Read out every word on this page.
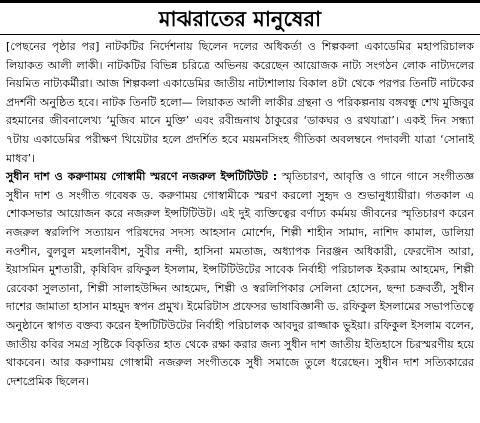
মাঝরাতের মানুষেরা

[পেছনের পৃষ্ঠার পর] নাটকটির নির্দেশনায় ছিলেন দলের অধিকর্তা ও শিল্পকলা একাডেমির মহাপরিচালক লিয়াকত আলী লাকী। নাটকটির বিভিন্ন চরিত্রে অভিনয় করেছেন আয়োজক নাট্য সংগঠন লোক নাট্যদলের নিয়মিত নাট্যকর্মীরা। আজ শিল্পকলা একাডেমির জাতীয় নাট্যশালায় বিকাল ৪টা থেকে পরপর তিনটি নাটকের প্রদর্শনী অনুষ্ঠিত হবে। নাটক তিনটি হলো— লিয়াকত আলী লাকীর গ্রন্থনা ও পরিকল্পনায় বঙ্গবন্ধু শেখ মুজিবুর রহমানের জীবনালেখ্য ‘মুজিব মানে মুক্তি’ এবং রবীন্দ্রনাথ ঠাকুরের ‘ডাকঘর ও রথযাত্রা’। একই দিন সন্ধ্যা ৭টায় একাডেমির পরীক্ষণ থিয়েটার হলে প্রদর্শিত হবে ময়মনসিংহ গীতিকা অবলম্বনে পদাবলী যাত্রা ‘সোনাই মাধব’।

সুধীন দাশ ও করুণাময় গোস্বামী স্মরণে নজরুল ইন্সটিটিউট : স্মৃতিচারণ, আবৃত্তি ও গানে গানে সংগীতজ্ঞ সুধীন দাশ ও সংগীত গবেষক ড. করুণাময় গোস্বামীকে স্মরণ করলো সুহৃদ ও শুভানুধ্যায়ীরা। গতকাল এ শোকসভার আয়োজন করে নজরুল ইন্সটিটিউট। এই দুই ব্যক্তিত্বের বর্ণাঢ্য কর্মময় জীবনের স্মৃতিচারণ করেন নজরুল স্বরলিপি সত্যায়ন পরিষদের সদস্য আহসান মোর্শেদ, শিল্পী শাহীন সামাদ, নাশিদ কামাল, ডালিয়া নওশীন, বুলবুল মহলানবীশ, সুবীর নন্দী, হাসিনা মমতাজ, অধ্যাপক নিরঞ্জন অধিকারী, ফেরদৌস আরা, ইয়াসমিন মুশতারী, কৃষিবিদ রফিকুল ইসলাম, ইন্সটিটিউটের সাবেক নির্বাহী পরিচালক ইকরাম আহমেদ, শিল্পী রেবেকা সুলতানা, শিল্পী সালাহউদ্দিন আহমেদ, শিল্পী ও স্বরলিপিকার সেলিনা হোসেন, ছন্দা চক্রবর্তী, সুধীন দাশের জামাতা হাসান মাহমুদ স্বপন প্রমুখ। ইমেরিটাস প্রফেসর ভাষাবিজ্ঞানী ড. রফিকুল ইসলামের সভাপতিত্বে অনুষ্ঠানে স্বাগত বক্তব্য করেন ইন্সটিটিউটের নির্বাহী পরিচালক আবদুর রাজ্জাক ভুইয়া। রফিকুল ইসলাম বলেন, জাতীয় কবির সমগ্র সৃষ্টিকে বিকৃতির হাত থেকে রক্ষা করার জন্য সুধীন দাশ জাতীয় ইতিহাসে চিরস্মরণীয় হয়ে থাকবেন। আর করুণাময় গোস্বামী নজরুল সংগীতকে সুধী সমাজে তুলে ধরেছেন। সুধীন দাশ সত্যিকারের দেশপ্রেমিক ছিলেন।
